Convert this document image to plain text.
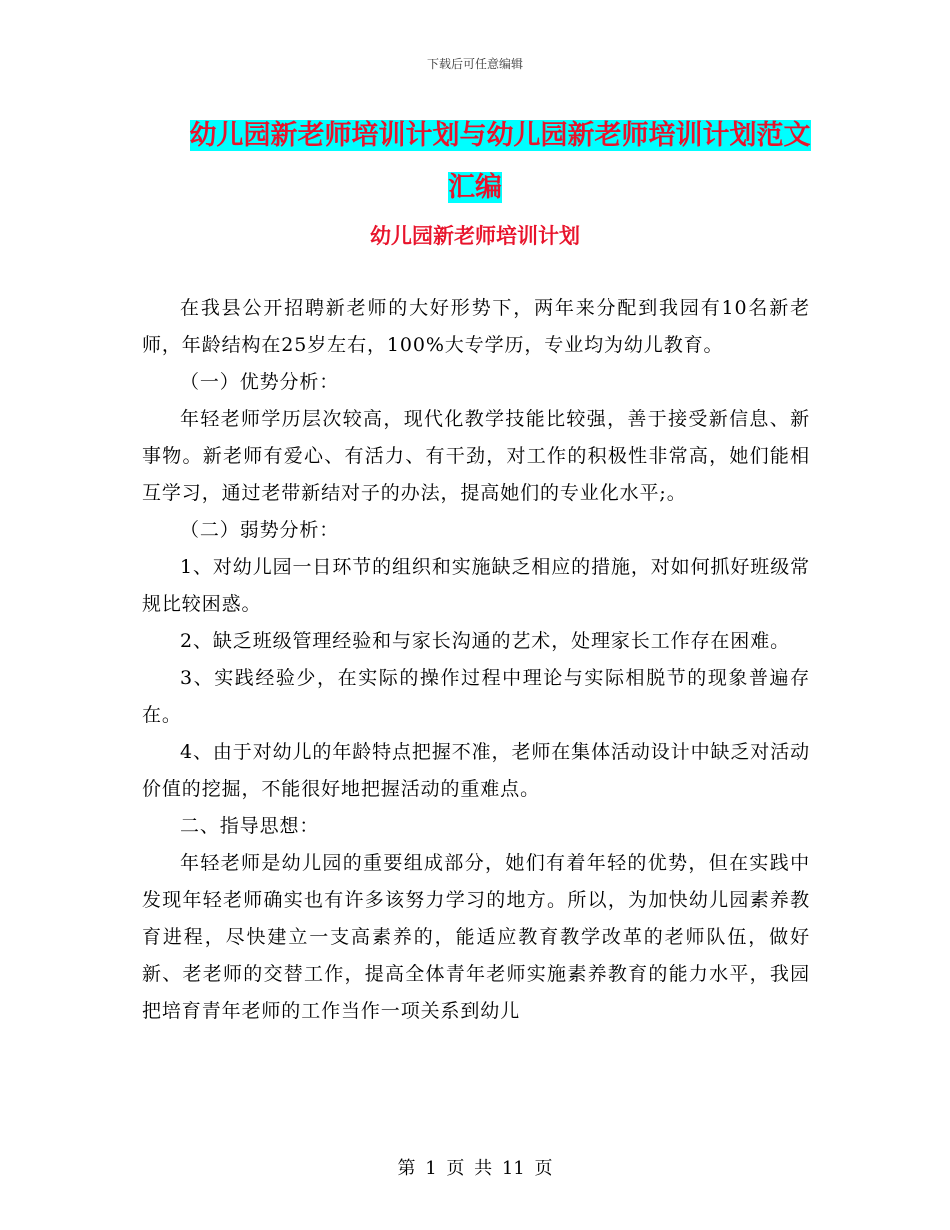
下载后可任意编辑
幼儿园新老师培训计划与幼儿园新老师培训计划范文
汇编
幼儿园新老师培训计划

在我县公开招聘新老师的大好形势下，两年来分配到我园有10名新老师，年龄结构在25岁左右，100%大专学历，专业均为幼儿教育。

（一）优势分析：

年轻老师学历层次较高，现代化教学技能比较强，善于接受新信息、新事物。新老师有爱心、有活力、有干劲，对工作的积极性非常高，她们能相互学习，通过老带新结对子的办法，提高她们的专业化水平;。

（二）弱势分析：

1、对幼儿园一日环节的组织和实施缺乏相应的措施，对如何抓好班级常规比较困惑。

2、缺乏班级管理经验和与家长沟通的艺术，处理家长工作存在困难。

3、实践经验少，在实际的操作过程中理论与实际相脱节的现象普遍存在。

4、由于对幼儿的年龄特点把握不准，老师在集体活动设计中缺乏对活动价值的挖掘，不能很好地把握活动的重难点。

二、指导思想：

年轻老师是幼儿园的重要组成部分，她们有着年轻的优势，但在实践中发现年轻老师确实也有许多该努力学习的地方。所以，为加快幼儿园素养教育进程，尽快建立一支高素养的，能适应教育教学改革的老师队伍，做好新、老老师的交替工作，提高全体青年老师实施素养教育的能力水平，我园把培育青年老师的工作当作一项关系到幼儿

第 1 页 共 11 页
